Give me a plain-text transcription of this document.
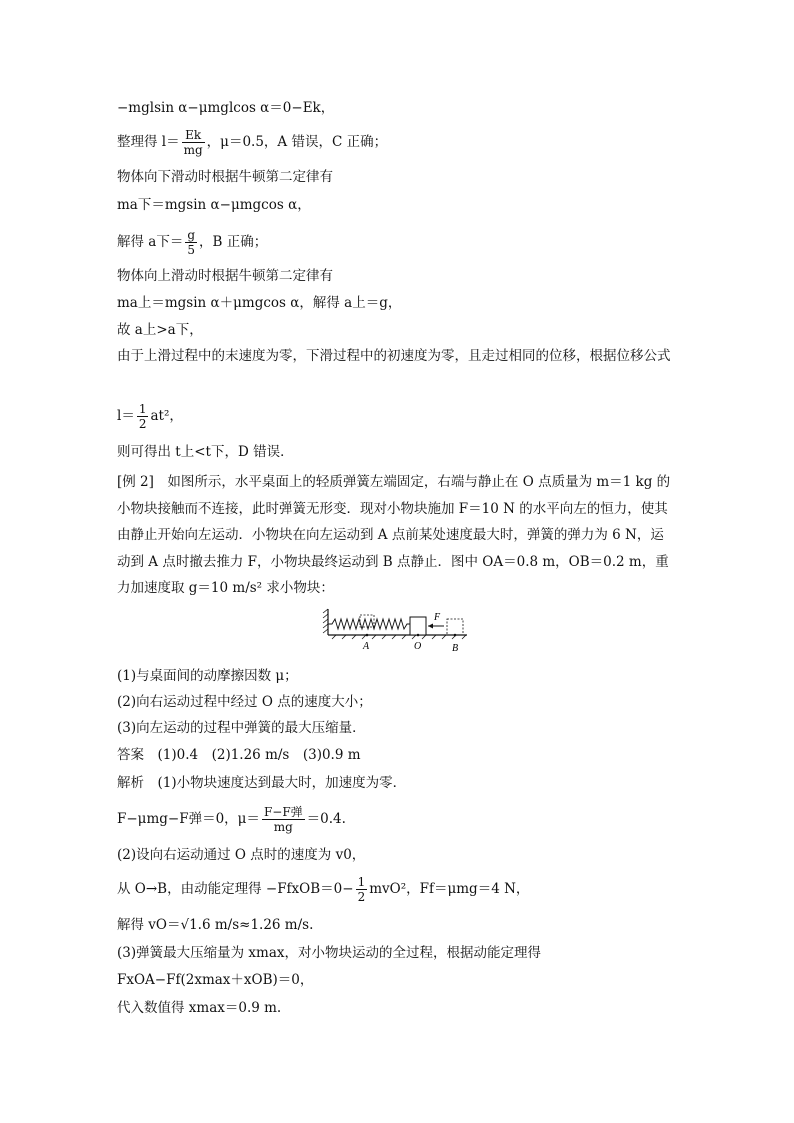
−mglsin α−μmglcos α＝0−Ek，
整理得 $l= \frac{Ek}{mg}$ ，μ＝0.5，A 错误，C 正确；
物体向下滑动时根据牛顿第二定律有
ma下＝mgsin α−μmgcos α，
解得 a下＝ $\frac{g}{5}$ ，B 正确；
物体向上滑动时根据牛顿第二定律有
ma上＝mgsin α＋μmgcos α，解得 a上＝g，
故 a上>a下，
由于上滑过程中的末速度为零，下滑过程中的初速度为零，且走过相同的位移，根据位移公式
$l= \frac{1}{2} at^2$，
则可得出 t上<t下，D 错误．
[例 2]　如图所示，水平桌面上的轻质弹簧左端固定，右端与静止在 O 点质量为 m＝1 kg 的小物块接触而不连接，此时弹簧无形变．现对小物块施加 F＝10 N 的水平向左的恒力，使其由静止开始向左运动．小物块在向左运动到 A 点前某处速度最大时，弹簧的弹力为 6 N，运动到 A 点时撤去推力 F，小物块最终运动到 B 点静止．图中 OA＝0.8 m，OB＝0.2 m，重力加速度取 g＝10 m/s² 求小物块：
F
A	O	B
(1)与桌面间的动摩擦因数 μ；
(2)向右运动过程中经过 O 点的速度大小；
(3)向左运动的过程中弹簧的最大压缩量．
答案　(1)0.4　(2)1.26 m/s　(3)0.9 m
解析　(1)小物块速度达到最大时，加速度为零．
F−μmg−F弹＝0，$\mu= \frac{\text{F−F弹}}{mg} =0.4$.
(2)设向右运动通过 O 点时的速度为 v0，
从 O→B，由动能定理得 −FfxOB＝0− $\frac{1}{2} mvO^2$，Ff＝μmg＝4 N，
解得 vO＝√1.6 m/s≈1.26 m/s.
(3)弹簧最大压缩量为 xmax，对小物块运动的全过程，根据动能定理得
FxOA−Ff(2xmax＋xOB)＝0，
代入数值得 xmax＝0.9 m.
